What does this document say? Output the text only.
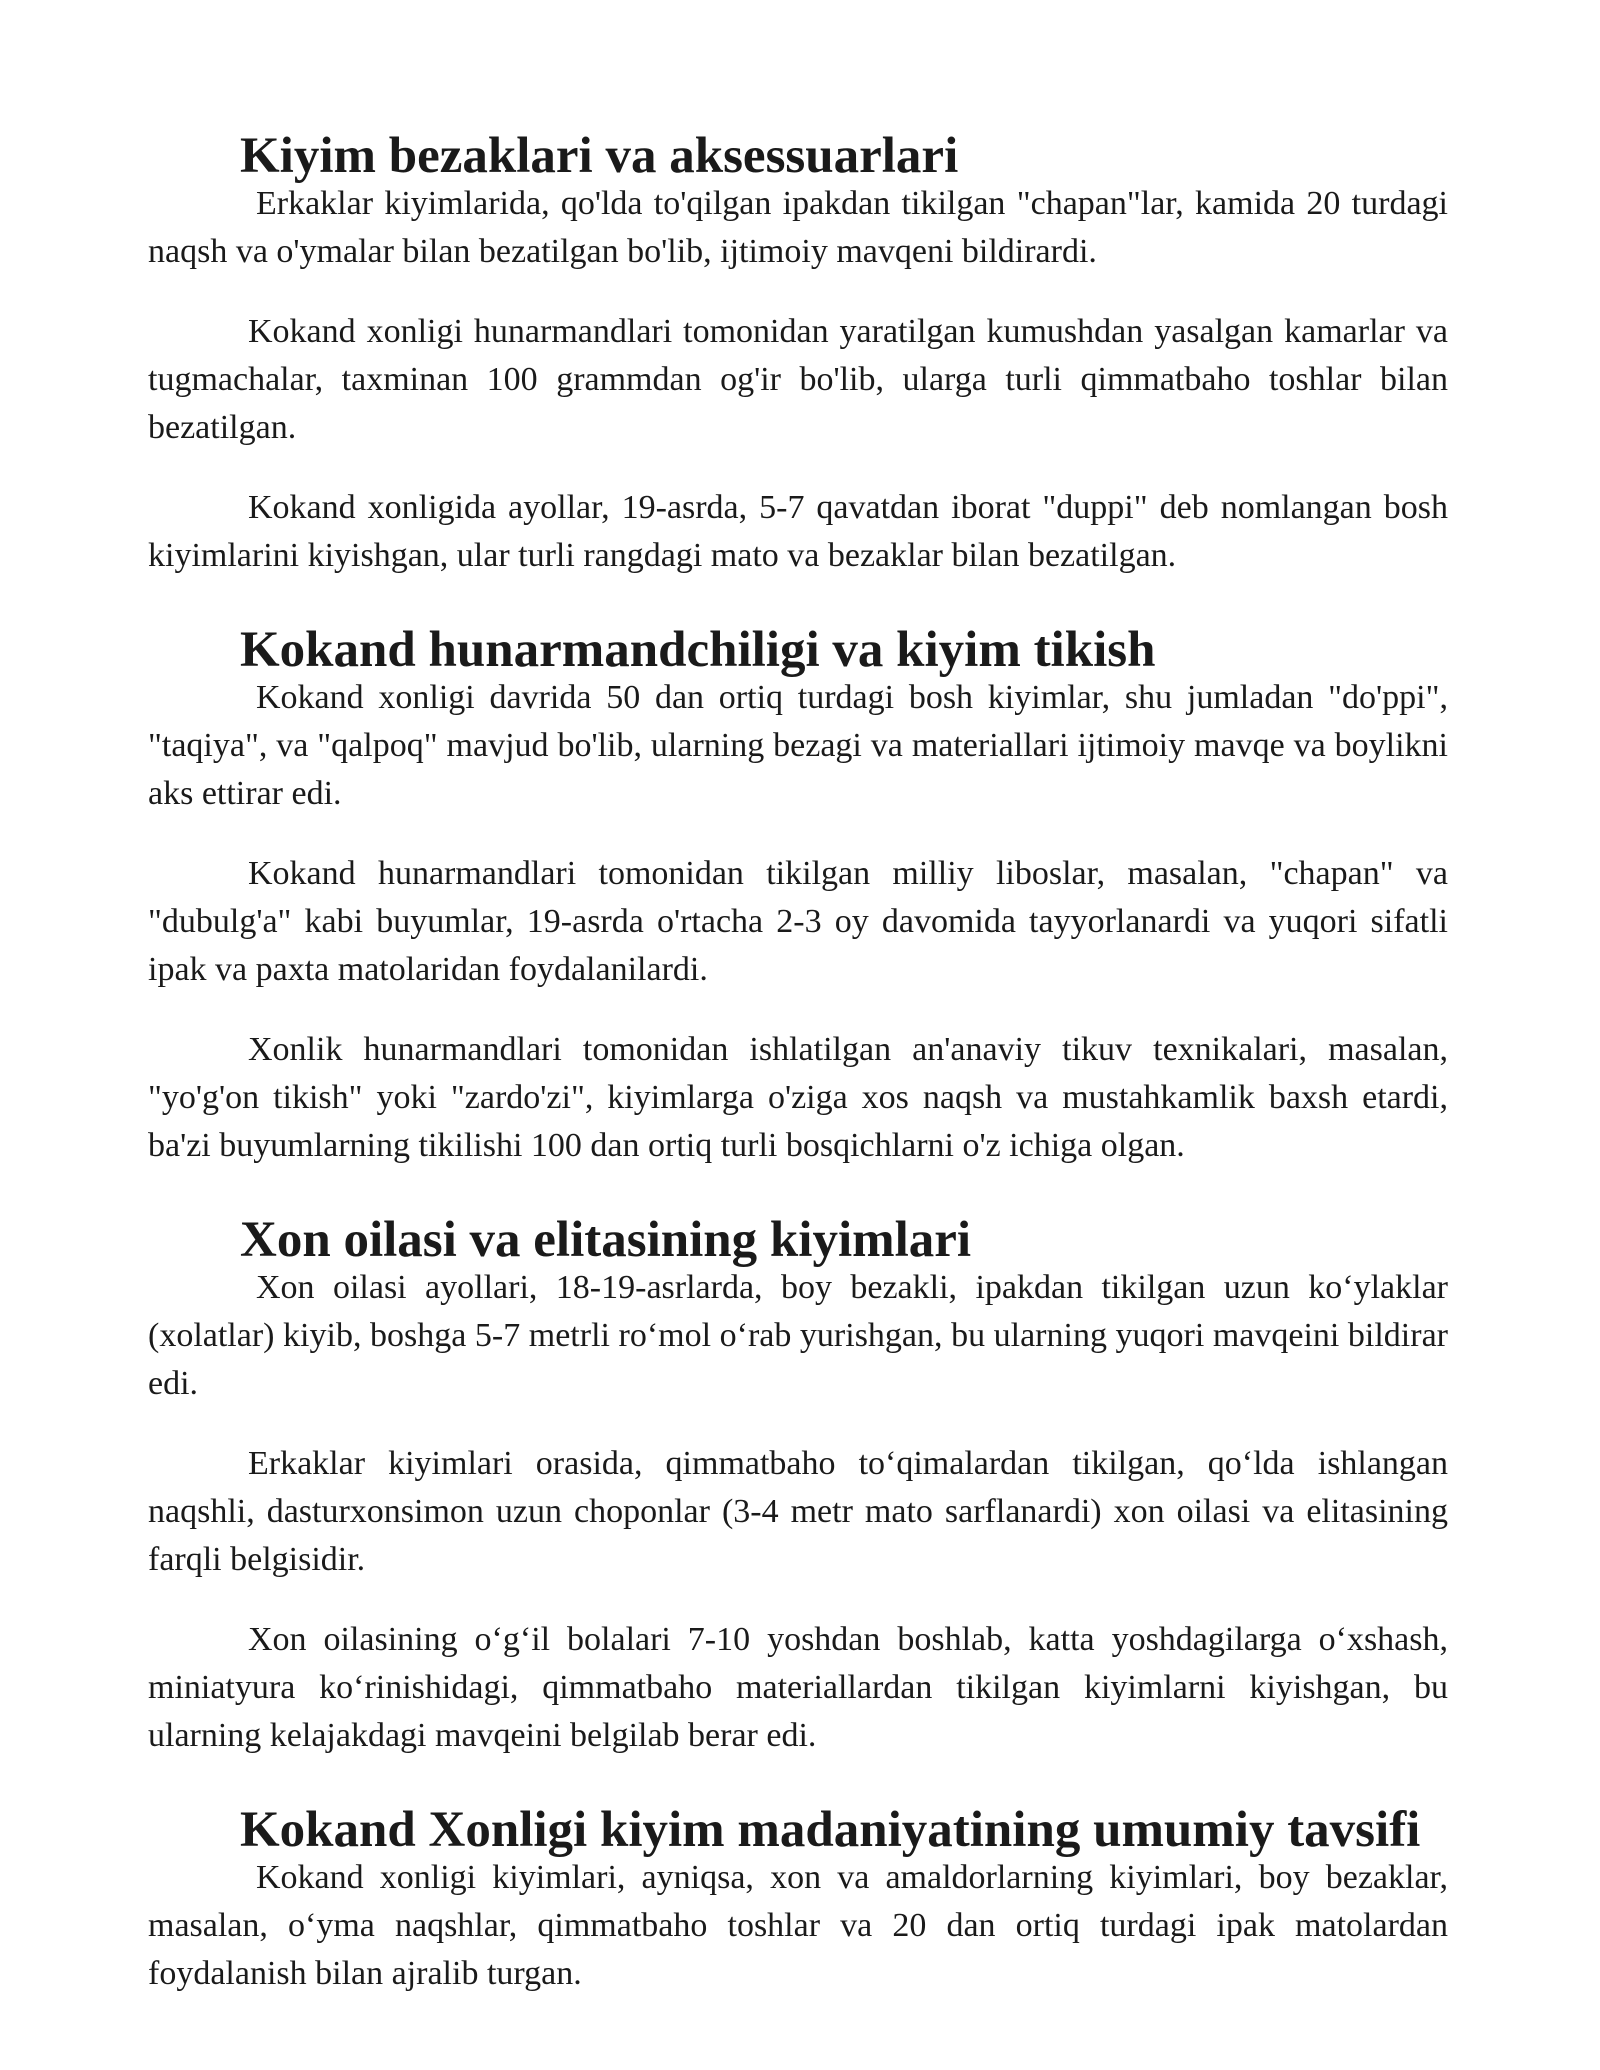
Kiyim bezaklari va aksessuarlari

Erkaklar kiyimlarida, qo'lda to'qilgan ipakdan tikilgan "chapan"lar, kamida 20 turdagi naqsh va o'ymalar bilan bezatilgan bo'lib, ijtimoiy mavqeni bildirardi.

Kokand xonligi hunarmandlari tomonidan yaratilgan kumushdan yasalgan kamarlar va tugmachalar, taxminan 100 grammdan og'ir bo'lib, ularga turli qimmatbaho toshlar bilan bezatilgan.

Kokand xonligida ayollar, 19-asrda, 5-7 qavatdan iborat "duppi" deb nomlangan bosh kiyimlarini kiyishgan, ular turli rangdagi mato va bezaklar bilan bezatilgan.

Kokand hunarmandchiligi va kiyim tikish

Kokand xonligi davrida 50 dan ortiq turdagi bosh kiyimlar, shu jumladan "do'ppi", "taqiya", va "qalpoq" mavjud bo'lib, ularning bezagi va materiallari ijtimoiy mavqe va boylikni aks ettirar edi.

Kokand hunarmandlari tomonidan tikilgan milliy liboslar, masalan, "chapan" va "dubulg'a" kabi buyumlar, 19-asrda o'rtacha 2-3 oy davomida tayyorlanardi va yuqori sifatli ipak va paxta matolaridan foydalanilardi.

Xonlik hunarmandlari tomonidan ishlatilgan an'anaviy tikuv texnikalari, masalan, "yo'g'on tikish" yoki "zardo'zi", kiyimlarga o'ziga xos naqsh va mustahkamlik baxsh etardi, ba'zi buyumlarning tikilishi 100 dan ortiq turli bosqichlarni o'z ichiga olgan.

Xon oilasi va elitasining kiyimlari

Xon oilasi ayollari, 18-19-asrlarda, boy bezakli, ipakdan tikilgan uzun ko‘ylaklar (xolatlar) kiyib, boshga 5-7 metrli ro‘mol o‘rab yurishgan, bu ularning yuqori mavqeini bildirar edi.

Erkaklar kiyimlari orasida, qimmatbaho to‘qimalardan tikilgan, qo‘lda ishlangan naqshli, dasturxonsimon uzun choponlar (3-4 metr mato sarflanardi) xon oilasi va elitasining farqli belgisidir.

Xon oilasining o‘g‘il bolalari 7-10 yoshdan boshlab, katta yoshdagilarga o‘xshash, miniatyura ko‘rinishidagi, qimmatbaho materiallardan tikilgan kiyimlarni kiyishgan, bu ularning kelajakdagi mavqeini belgilab berar edi.

Kokand Xonligi kiyim madaniyatining umumiy tavsifi

Kokand xonligi kiyimlari, ayniqsa, xon va amaldorlarning kiyimlari, boy bezaklar, masalan, o‘yma naqshlar, qimmatbaho toshlar va 20 dan ortiq turdagi ipak matolardan foydalanish bilan ajralib turgan.
